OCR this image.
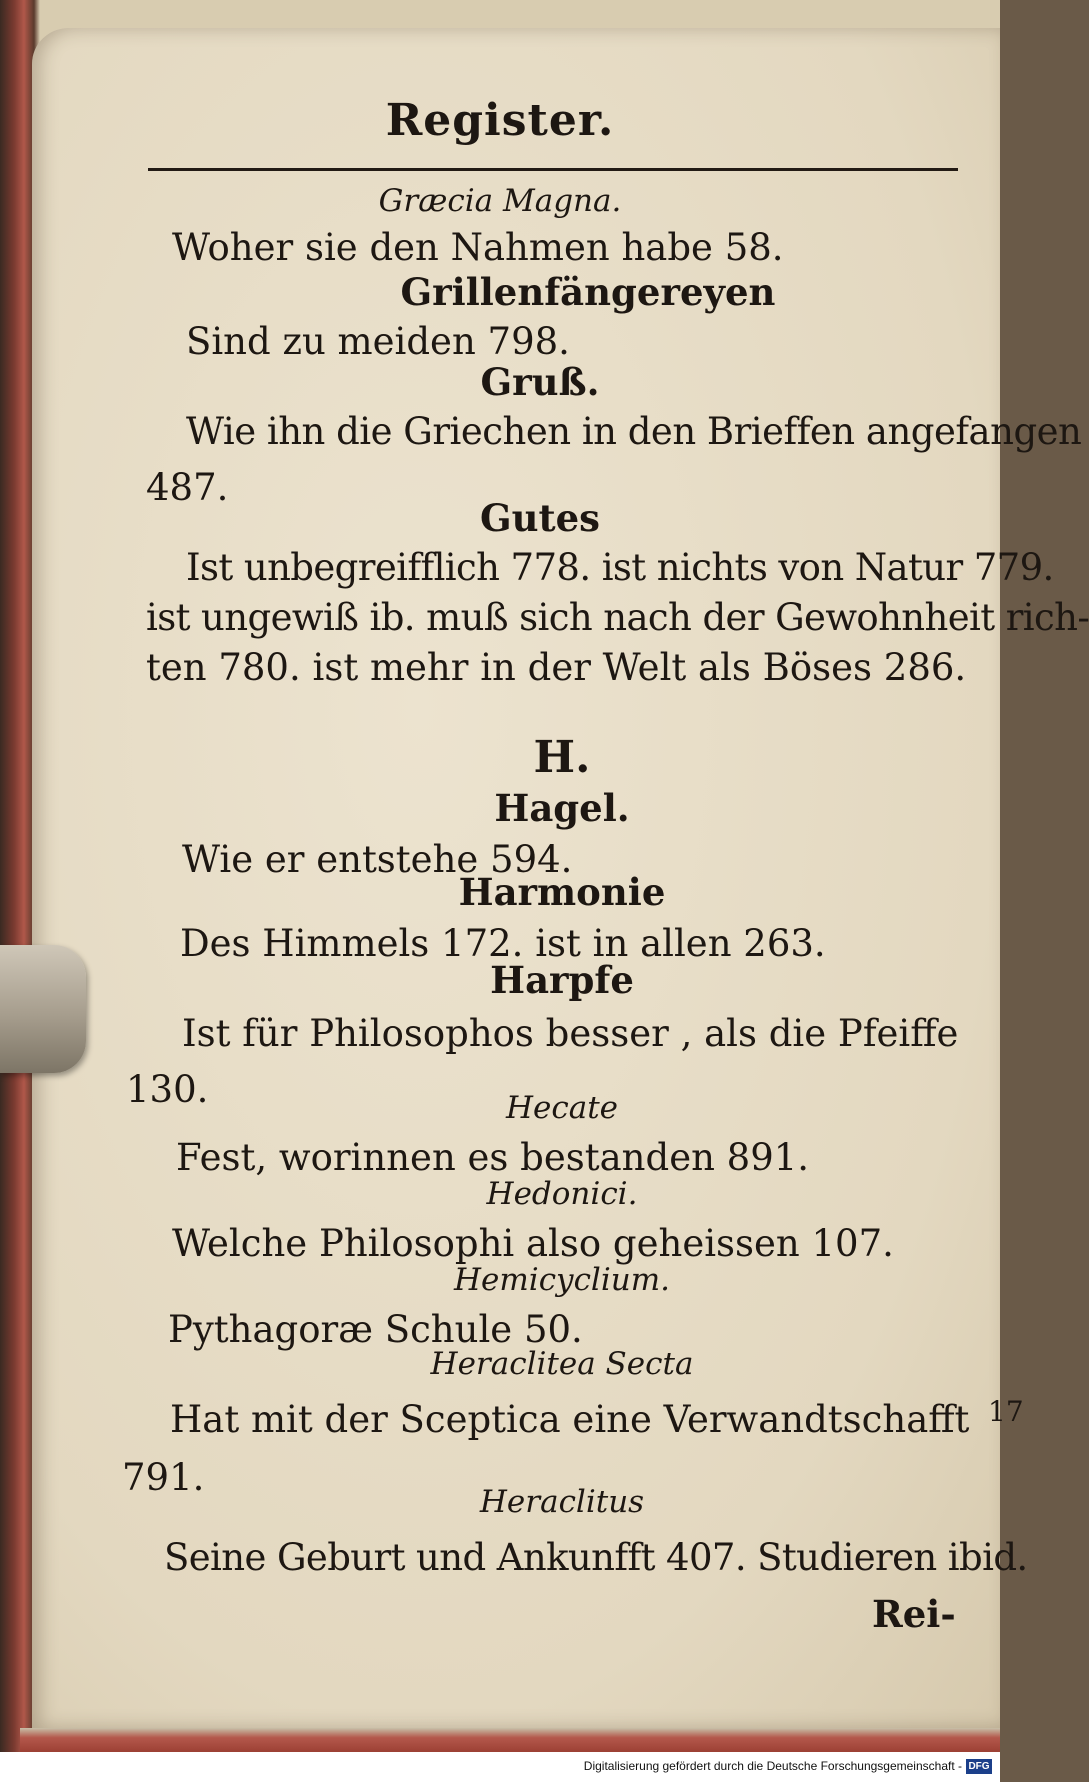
Register.
Græcia Magna.
Woher sie den Nahmen habe 58.
Grillenfängereyen
Sind zu meiden 798.
Gruß.
Wie ihn die Griechen in den Brieffen angefangen
487.
Gutes
Ist unbegreifflich 778. ist nichts von Natur 779.
ist ungewiß ib. muß sich nach der Gewohnheit rich-
ten 780. ist mehr in der Welt als Böses 286.
H.
Hagel.
Wie er entstehe 594.
Harmonie
Des Himmels 172. ist in allen 263.
Harpfe
Ist für Philosophos besser , als die Pfeiffe
130.	Hecate
Fest, worinnen es bestanden 891.
Hedonici.
Welche Philosophi also geheissen 107.
Hemicyclium.
Pythagoræ Schule 50.
Heraclitea Secta
Hat mit der Sceptica eine Verwandtschafft
791.
Heraclitus
Seine Geburt und Ankunfft 407. Studieren ibid.
Rei-
17
Digitalisierung gefördert durch die Deutsche Forschungsgemeinschaft - DFG
